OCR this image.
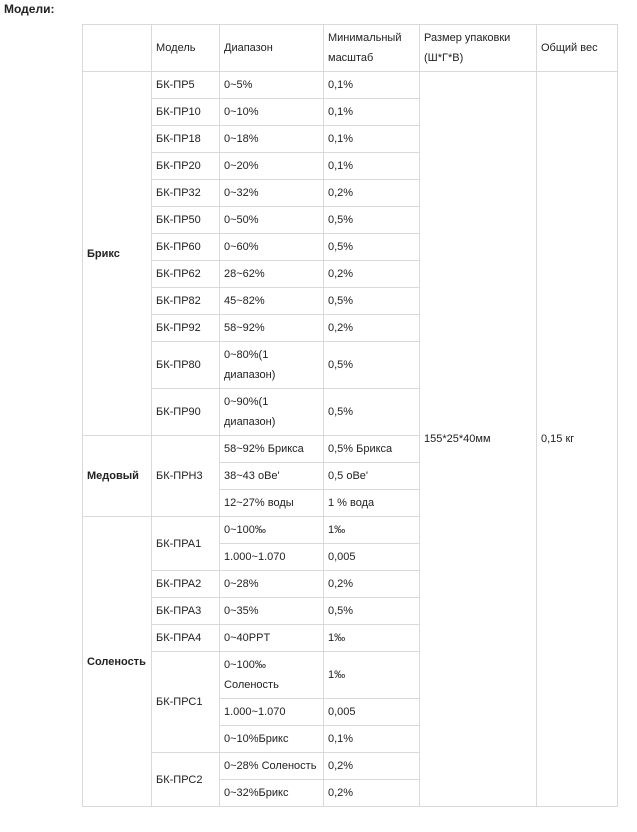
Модели:
	Модель	Диапазон	Минимальный масштаб	Размер упаковки (Ш*Г*В)	Общий вес
Брикс	БК-ПР5	0~5%	0,1%	155*25*40мм	0,15 кг
	БК-ПР10	0~10%	0,1%		
	БК-ПР18	0~18%	0,1%		
	БК-ПР20	0~20%	0,1%		
	БК-ПР32	0~32%	0,2%		
	БК-ПР50	0~50%	0,5%		
	БК-ПР60	0~60%	0,5%		
	БК-ПР62	28~62%	0,2%		
	БК-ПР82	45~82%	0,5%		
	БК-ПР92	58~92%	0,2%		
	БК-ПР80	0~80%(1 диапазон)	0,5%		
	БК-ПР90	0~90%(1 диапазон)	0,5%		
Медовый	БК-ПРН3	58~92% Брикса	0,5% Брикса		
		38~43 оВе'	0,5 оВе'		
		12~27% воды	1 % вода		
Соленость	БК-ПРА1	0~100‰	1‰		
		1.000~1.070	0,005		
	БК-ПРА2	0~28%	0,2%		
	БК-ПРА3	0~35%	0,5%		
	БК-ПРА4	0~40PPT	1‰		
	БК-ПРС1	0~100‰ Соленость	1‰		
		1.000~1.070	0,005		
		0~10%Брикс	0,1%		
	БК-ПРС2	0~28% Соленость	0,2%		
		0~32%Брикс	0,2%		
